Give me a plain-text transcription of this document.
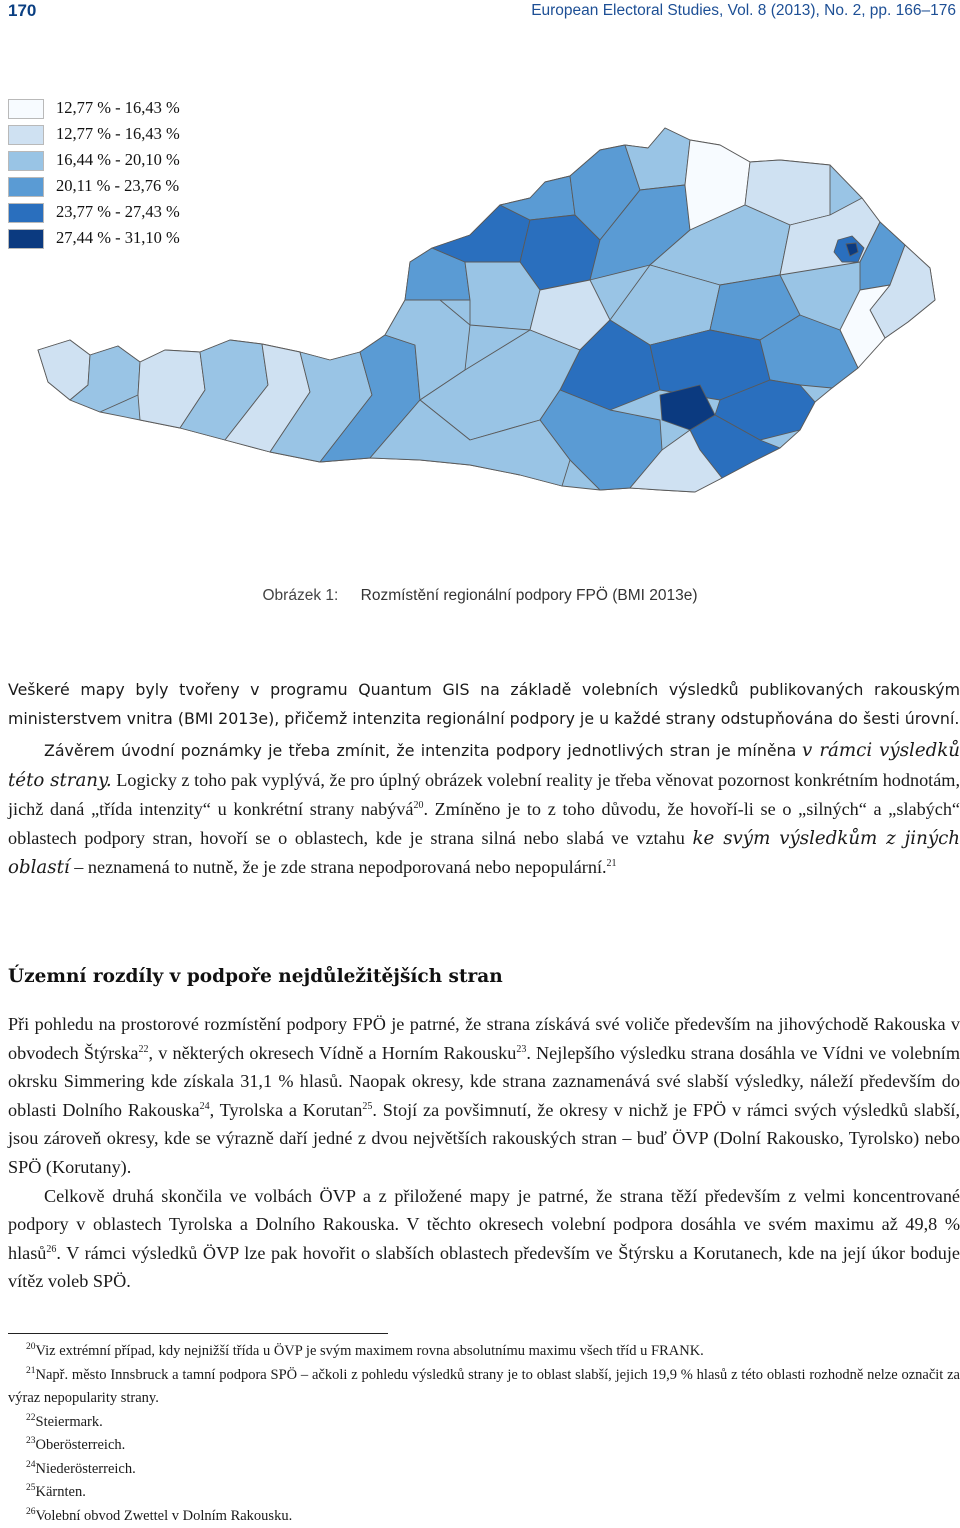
170	European Electoral Studies, Vol. 8 (2013), No. 2, pp. 166–176
12,77 % - 16,43 %
12,77 % - 16,43 %
16,44 % - 20,10 %
20,11 % - 23,76 %
23,77 % - 27,43 %
27,44 % - 31,10 %
Obrázek 1: Rozmístění regionální podpory FPÖ (BMI 2013e)

Veškeré mapy byly tvořeny v programu Quantum GIS na základě volebních výsledků publikovaných rakouským ministerstvem vnitra (BMI 2013e), přičemž intenzita regionální podpory je u každé strany odstupňována do šesti úrovní.

Závěrem úvodní poznámky je třeba zmínit, že intenzita podpory jednotlivých stran je míněna v rámci výsledků této strany. Logicky z toho pak vyplývá, že pro úplný obrázek volební reality je třeba věnovat pozornost konkrétním hodnotám, jichž daná „třída intenzity“ u konkrétní strany nabývá$^{20}$. Zmíněno je to z toho důvodu, že hovoří-li se o „silných“ a „slabých“ oblastech podpory stran, hovoří se o oblastech, kde je strana silná nebo slabá ve vztahu ke svým výsledkům z jiných oblastí – neznamená to nutně, že je zde strana nepodporovaná nebo nepopulární.$^{21}$

Územní rozdíly v podpoře nejdůležitějších stran

Při pohledu na prostorové rozmístění podpory FPÖ je patrné, že strana získává své voliče především na jihovýchodě Rakouska v obvodech Štýrska$^{22}$, v některých okresech Vídně a Horním Rakousku$^{23}$. Nejlepšího výsledku strana dosáhla ve Vídni ve volebním okrsku Simmering kde získala 31,1 % hlasů. Naopak okresy, kde strana zaznamenává své slabší výsledky, náleží především do oblasti Dolního Rakouska$^{24}$, Tyrolska a Korutan$^{25}$. Stojí za povšimnutí, že okresy v nichž je FPÖ v rámci svých výsledků slabší, jsou zároveň okresy, kde se výrazně daří jedné z dvou největších rakouských stran – buď ÖVP (Dolní Rakousko, Tyrolsko) nebo SPÖ (Korutany).

Celkově druhá skončila ve volbách ÖVP a z přiložené mapy je patrné, že strana těží především z velmi koncentrované podpory v oblastech Tyrolska a Dolního Rakouska. V těchto okresech volební podpora dosáhla ve svém maximu až 49,8 % hlasů$^{26}$. V rámci výsledků ÖVP lze pak hovořit o slabších oblastech především ve Štýrsku a Korutanech, kde na její úkor boduje vítěz voleb SPÖ.

$^{20}$Viz extrémní případ, kdy nejnižší třída u ÖVP je svým maximem rovna absolutnímu maximu všech tříd u FRANK.
$^{21}$Např. město Innsbruck a tamní podpora SPÖ – ačkoli z pohledu výsledků strany je to oblast slabší, jejich 19,9 % hlasů z této oblasti rozhodně nelze označit za výraz nepopularity strany.
$^{22}$Steiermark.
$^{23}$Oberösterreich.
$^{24}$Niederösterreich.
$^{25}$Kärnten.
$^{26}$Volební obvod Zwettel v Dolním Rakousku.
